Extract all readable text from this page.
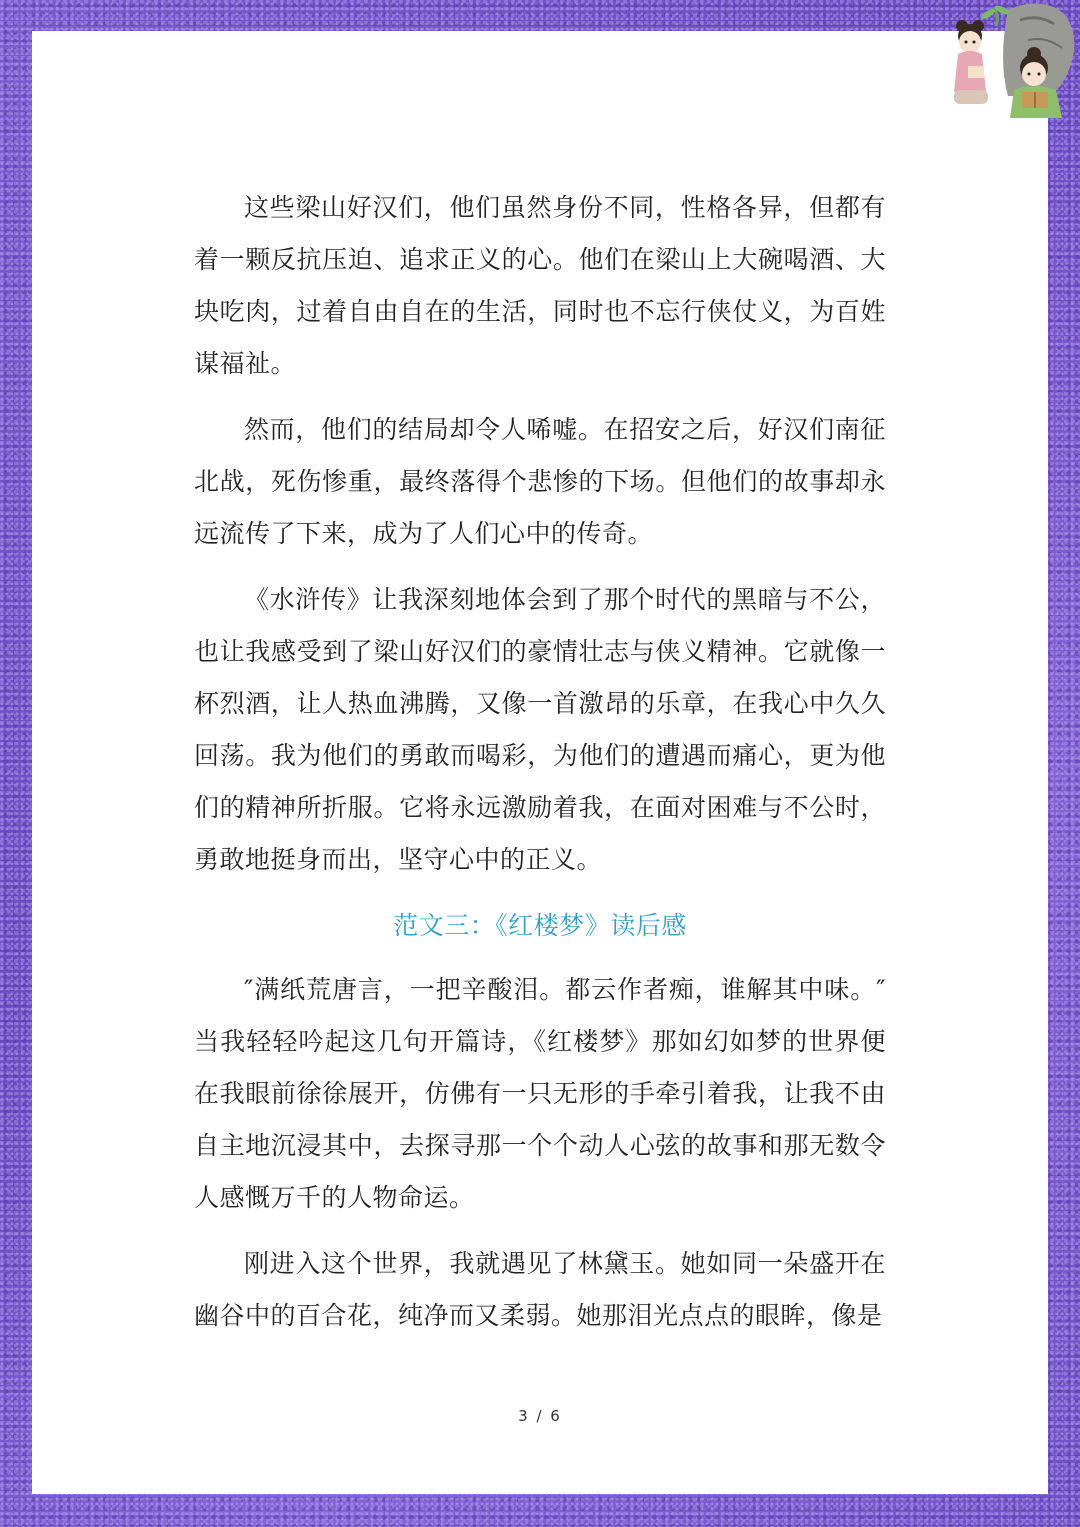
这些梁山好汉们，他们虽然身份不同，性格各异，但都有着一颗反抗压迫、追求正义的心。他们在梁山上大碗喝酒、大块吃肉，过着自由自在的生活，同时也不忘行侠仗义，为百姓谋福祉。

然而，他们的结局却令人唏嘘。在招安之后，好汉们南征北战，死伤惨重，最终落得个悲惨的下场。但他们的故事却永远流传了下来，成为了人们心中的传奇。

《水浒传》让我深刻地体会到了那个时代的黑暗与不公，也让我感受到了梁山好汉们的豪情壮志与侠义精神。它就像一杯烈酒，让人热血沸腾，又像一首激昂的乐章，在我心中久久回荡。我为他们的勇敢而喝彩，为他们的遭遇而痛心，更为他们的精神所折服。它将永远激励着我，在面对困难与不公时，勇敢地挺身而出，坚守心中的正义。

范文三：《红楼梦》读后感

″满纸荒唐言，一把辛酸泪。都云作者痴，谁解其中味。″当我轻轻吟起这几句开篇诗，《红楼梦》那如幻如梦的世界便在我眼前徐徐展开，仿佛有一只无形的手牵引着我，让我不由自主地沉浸其中，去探寻那一个个动人心弦的故事和那无数令人感慨万千的人物命运。

刚进入这个世界，我就遇见了林黛玉。她如同一朵盛开在幽谷中的百合花，纯净而又柔弱。她那泪光点点的眼眸，像是

3 / 6
